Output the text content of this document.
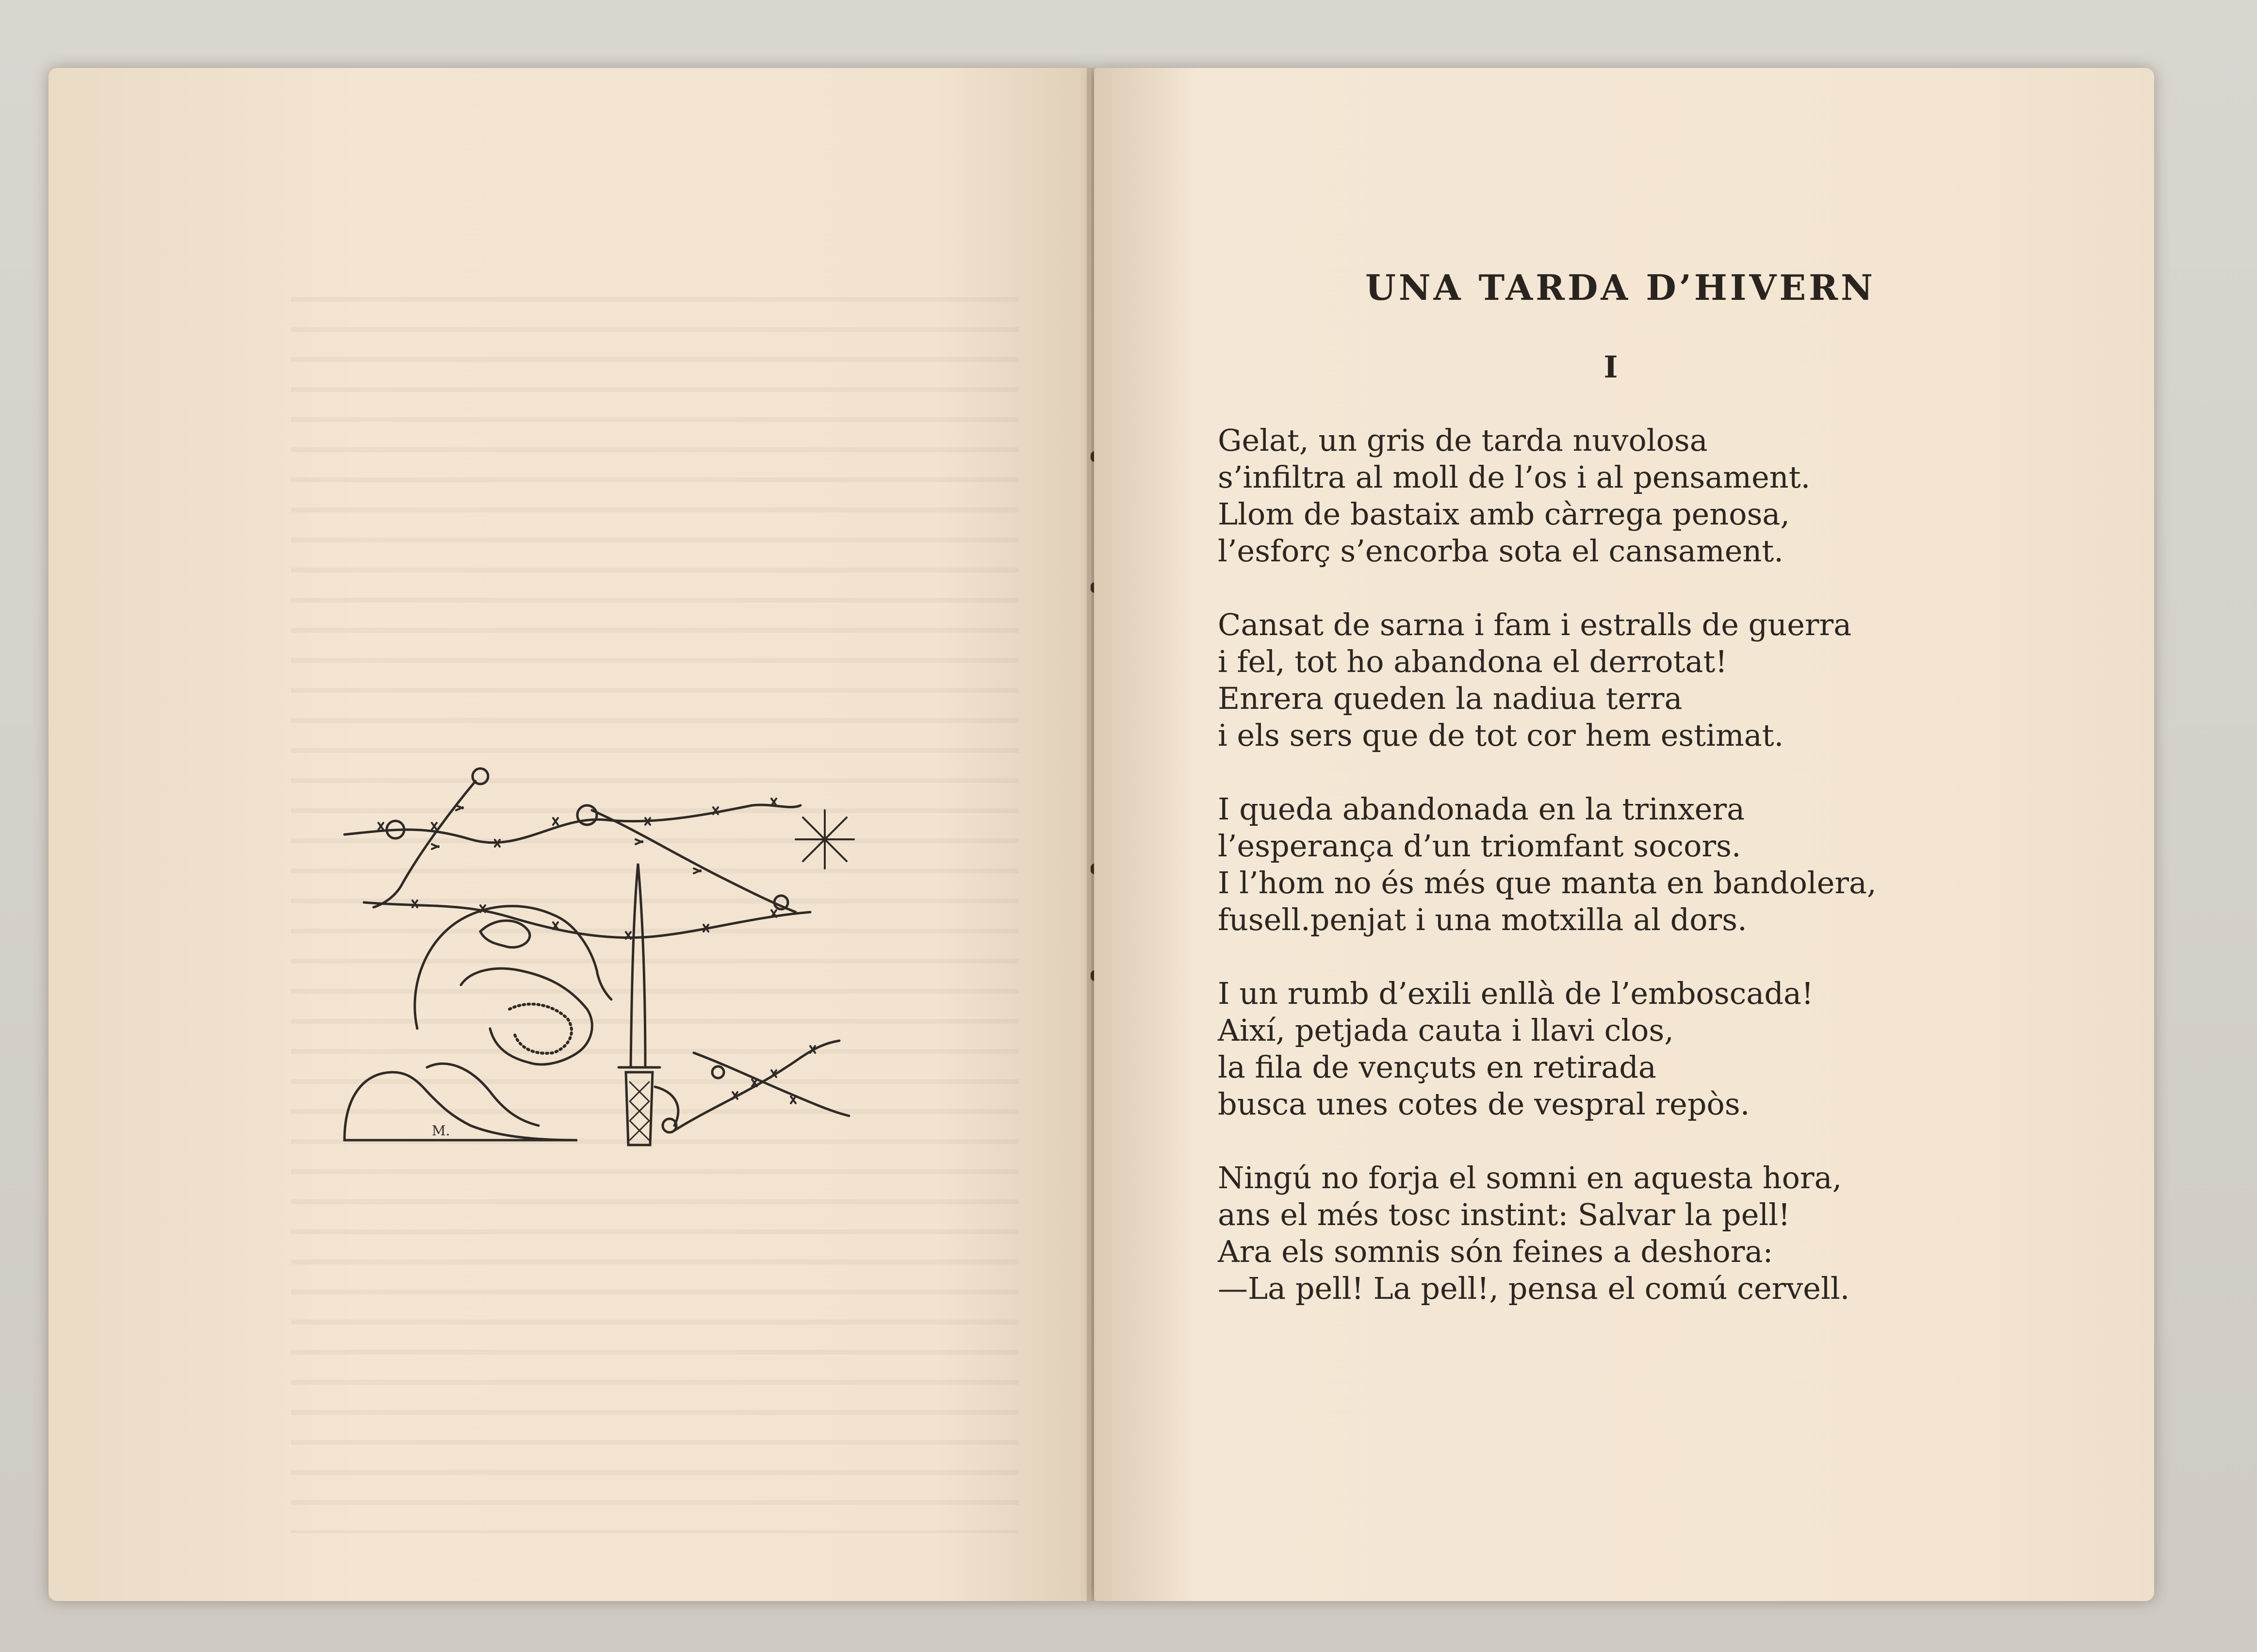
M.
UNA TARDA D’HIVERN
I
Gelat, un gris de tarda nuvolosa
s’infiltra al moll de l’os i al pensament.
Llom de bastaix amb càrrega penosa,
l’esforç s’encorba sota el cansament.
Cansat de sarna i fam i estralls de guerra
i fel, tot ho abandona el derrotat!
Enrera queden la nadiua terra
i els sers que de tot cor hem estimat.
I queda abandonada en la trinxera
l’esperança d’un triomfant socors.
I l’hom no és més que manta en bandolera,
fusell.penjat i una motxilla al dors.
I un rumb d’exili enllà de l’emboscada!
Així, petjada cauta i llavi clos,
la fila de vençuts en retirada
busca unes cotes de vespral repòs.
Ningú no forja el somni en aquesta hora,
ans el més tosc instint: Salvar la pell!
Ara els somnis són feines a deshora:
—La pell! La pell!, pensa el comú cervell.
